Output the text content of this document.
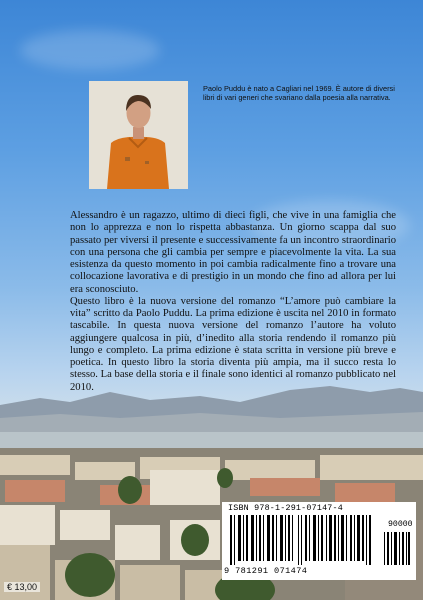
Paolo Puddu è nato a Cagliari nel 1969. È autore di diversi libri di vari generi che svariano dalla poesia alla narrativa.

Alessandro è un ragazzo, ultimo di dieci figli, che vive in una famiglia che non lo apprezza e non lo rispetta abbastanza. Un giorno scappa dal suo passato per viversi il presente e successivamente fa un incontro straordinario con una persona che gli cambia per sempre e piacevolmente la vita. La sua esistenza da questo momento in poi cambia radicalmente fino a trovare una collocazione lavorativa e di prestigio in un mondo che fino ad allora per lui era sconosciuto.

Questo libro è la nuova versione del romanzo “L’amore può cambiare la vita” scritto da Paolo Puddu. La prima edizione è uscita nel 2010 in formato tascabile. In questa nuova versione del romanzo l’autore ha voluto aggiungere qualcosa in più, d’inedito alla storia rendendo il romanzo più lungo e completo. La prima edizione è stata scritta in versione più breve e poetica. In questo libro la storia diventa più ampia, ma il succo resta lo stesso. La base della storia e il finale sono identici al romanzo pubblicato nel 2010.

€ 13,00
ISBN 978-1-291-07147-4
90000
9 781291 071474
